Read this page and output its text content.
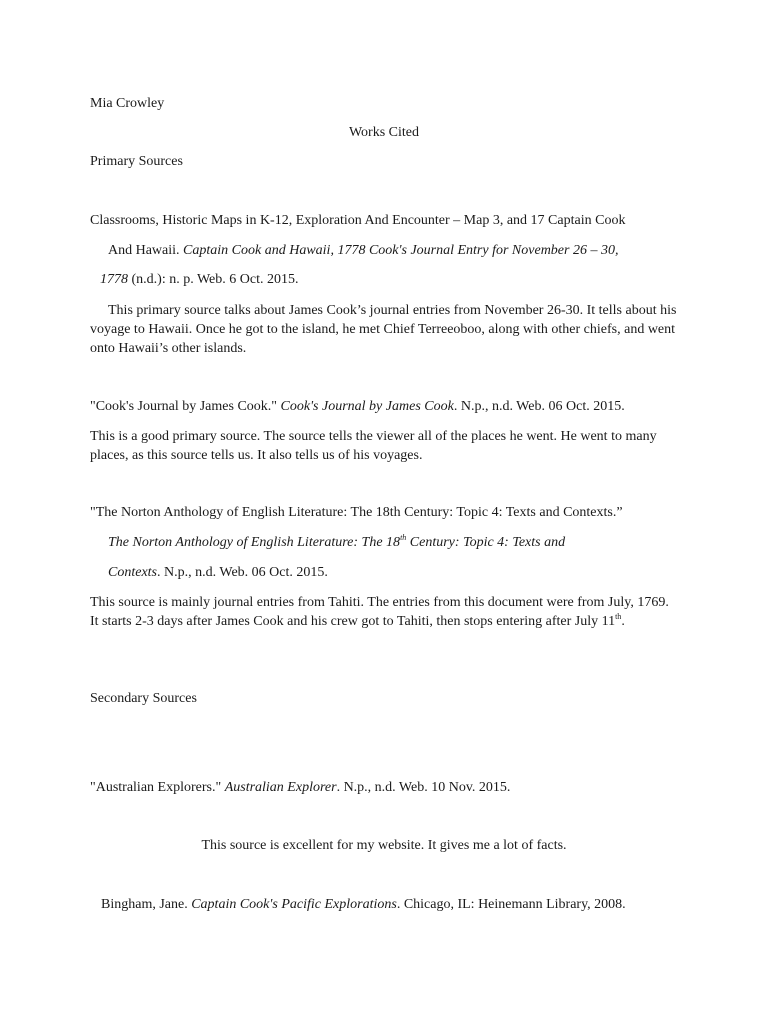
Mia Crowley
Works Cited
Primary Sources
Classrooms, Historic Maps in K-12, Exploration And Encounter – Map 3, and 17 Captain Cook
And Hawaii. Captain Cook and Hawaii, 1778 Cook's Journal Entry for November 26 – 30,
1778 (n.d.): n. p. Web. 6 Oct. 2015.
This primary source talks about James Cook’s journal entries from November 26-30. It tells about his voyage to Hawaii. Once he got to the island, he met Chief Terreeoboo, along with other chiefs, and went onto Hawaii’s other islands.
"Cook's Journal by James Cook." Cook's Journal by James Cook. N.p., n.d. Web. 06 Oct. 2015.
This is a good primary source. The source tells the viewer all of the places he went. He went to many places, as this source tells us. It also tells us of his voyages.
"The Norton Anthology of English Literature: The 18th Century: Topic 4: Texts and Contexts.”
The Norton Anthology of English Literature: The 18th Century: Topic 4: Texts and
Contexts. N.p., n.d. Web. 06 Oct. 2015.
This source is mainly journal entries from Tahiti. The entries from this document were from July, 1769. It starts 2-3 days after James Cook and his crew got to Tahiti, then stops entering after July 11th.
Secondary Sources
"Australian Explorers." Australian Explorer. N.p., n.d. Web. 10 Nov. 2015.
This source is excellent for my website. It gives me a lot of facts.
Bingham, Jane. Captain Cook's Pacific Explorations. Chicago, IL: Heinemann Library, 2008.
